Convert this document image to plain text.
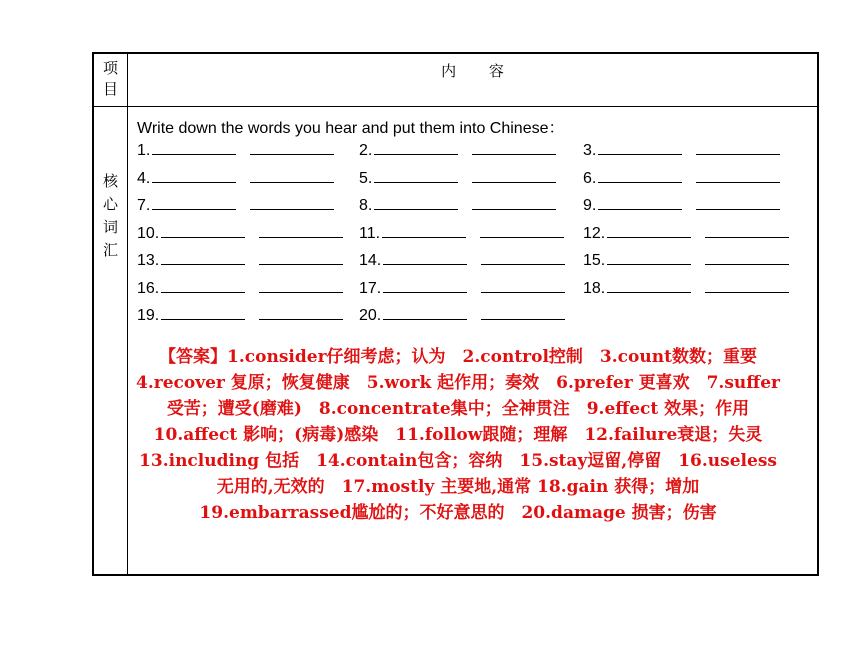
项
目
内 容
核
心
词
汇
Write down the words you hear and put them into Chinese：
1.	2.	3.
4.	5.	6.
7.	8.	9.
10.	11.	12.
13.	14.	15.
16.	17.	18.
19.	20.
【答案】1.consider仔细考虑；认为　2.control控制　3.count数数；重要　4.recover 复原；恢复健康　5.work 起作用；奏效　6.prefer 更喜欢　7.suffer 受苦；遭受(磨难)　8.concentrate集中；全神贯注　9.effect 效果；作用10.affect 影响；(病毒)感染　11.follow跟随；理解　12.failure衰退；失灵　13.including 包括　14.contain包含；容纳　15.stay逗留,停留　16.useless 无用的,无效的　17.mostly 主要地,通常 18.gain 获得；增加　19.embarrassed尴尬的；不好意思的　20.damage 损害；伤害
